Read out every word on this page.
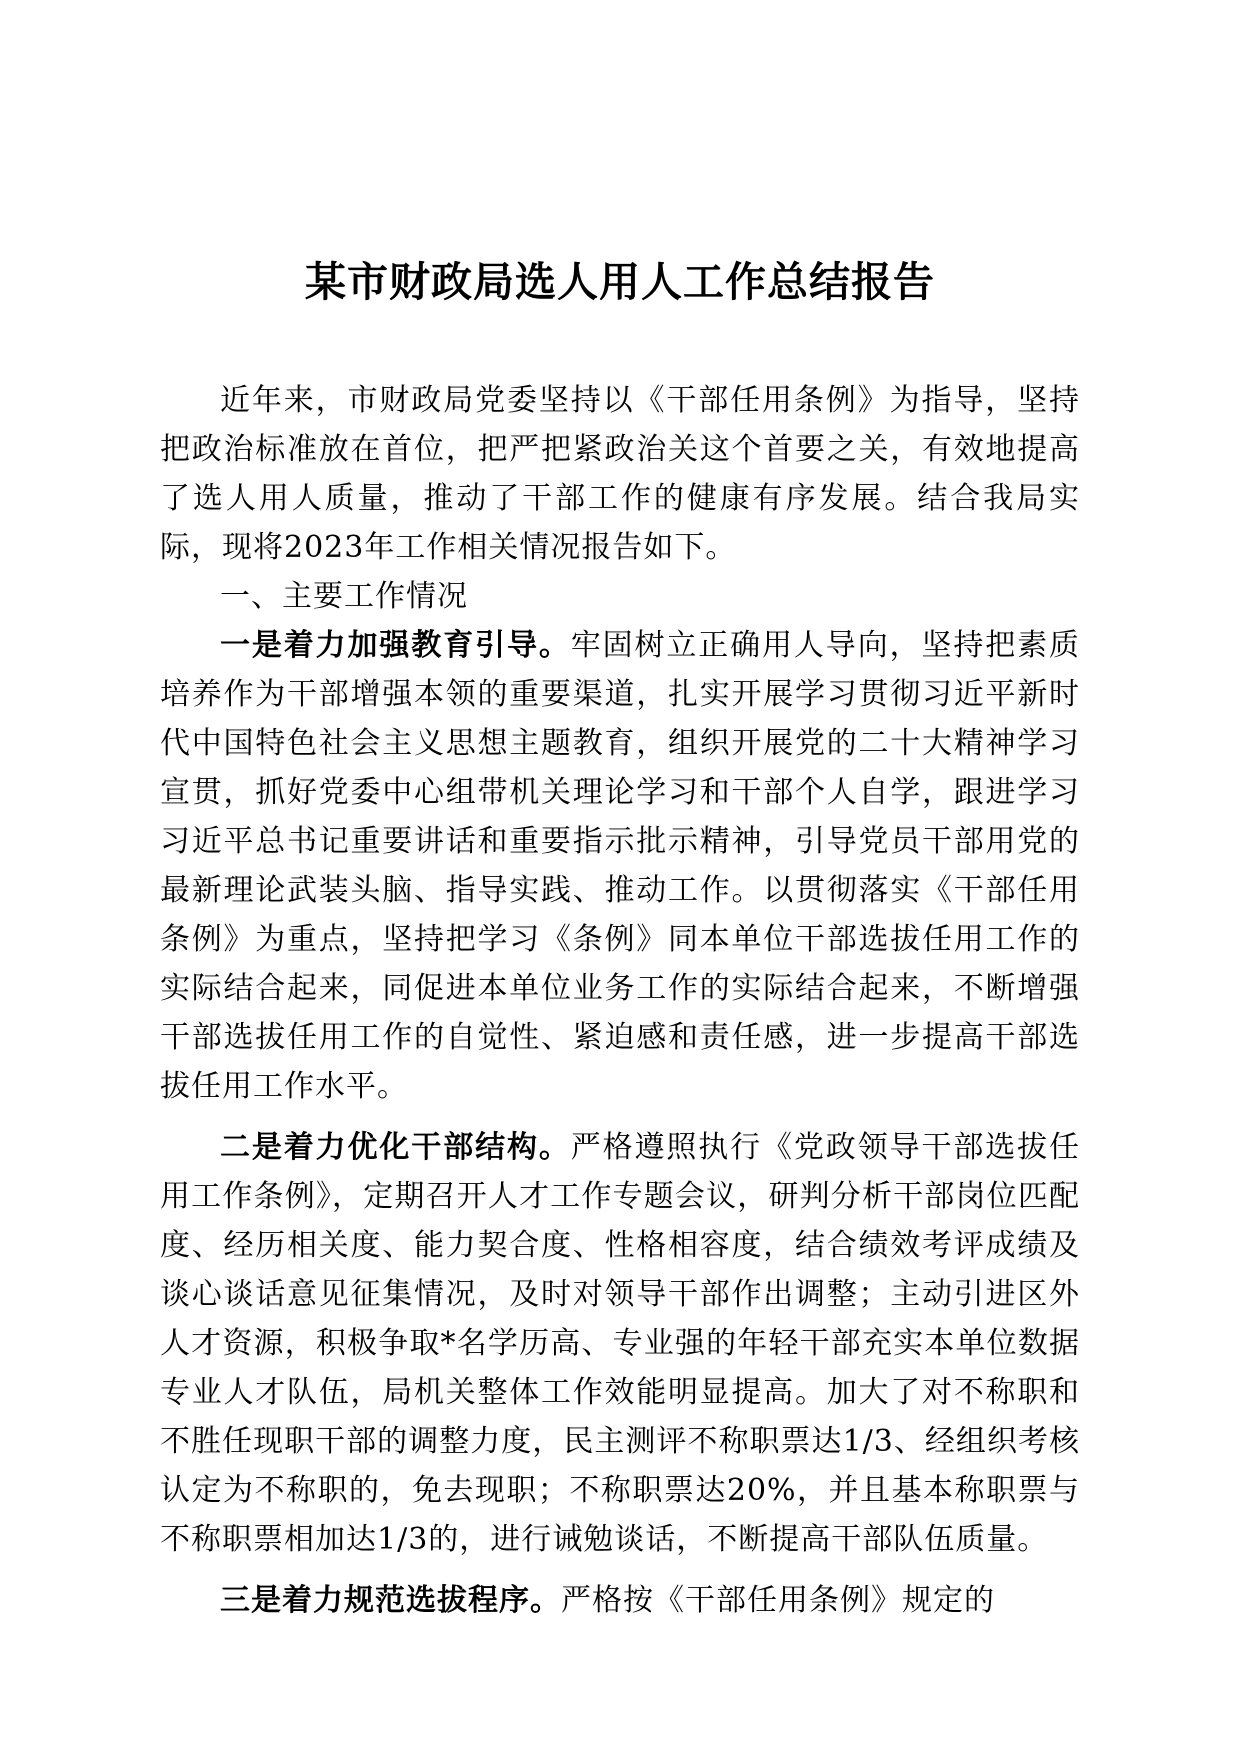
某市财政局选人用人工作总结报告

近年来，市财政局党委坚持以《干部任用条例》为指导，坚持把政治标准放在首位，把严把紧政治关这个首要之关，有效地提高了选人用人质量，推动了干部工作的健康有序发展。结合我局实际，现将2023年工作相关情况报告如下。

一、主要工作情况

一是着力加强教育引导。牢固树立正确用人导向，坚持把素质培养作为干部增强本领的重要渠道，扎实开展学习贯彻习近平新时代中国特色社会主义思想主题教育，组织开展党的二十大精神学习宣贯，抓好党委中心组带机关理论学习和干部个人自学，跟进学习习近平总书记重要讲话和重要指示批示精神，引导党员干部用党的最新理论武装头脑、指导实践、推动工作。以贯彻落实《干部任用条例》为重点，坚持把学习《条例》同本单位干部选拔任用工作的实际结合起来，同促进本单位业务工作的实际结合起来，不断增强干部选拔任用工作的自觉性、紧迫感和责任感，进一步提高干部选拔任用工作水平。

二是着力优化干部结构。严格遵照执行《党政领导干部选拔任用工作条例》，定期召开人才工作专题会议，研判分析干部岗位匹配度、经历相关度、能力契合度、性格相容度，结合绩效考评成绩及谈心谈话意见征集情况，及时对领导干部作出调整；主动引进区外人才资源，积极争取*名学历高、专业强的年轻干部充实本单位数据专业人才队伍，局机关整体工作效能明显提高。加大了对不称职和不胜任现职干部的调整力度，民主测评不称职票达1/3、经组织考核认定为不称职的，免去现职；不称职票达20%，并且基本称职票与不称职票相加达1/3的，进行诫勉谈话，不断提高干部队伍质量。

三是着力规范选拔程序。严格按《干部任用条例》规定的
